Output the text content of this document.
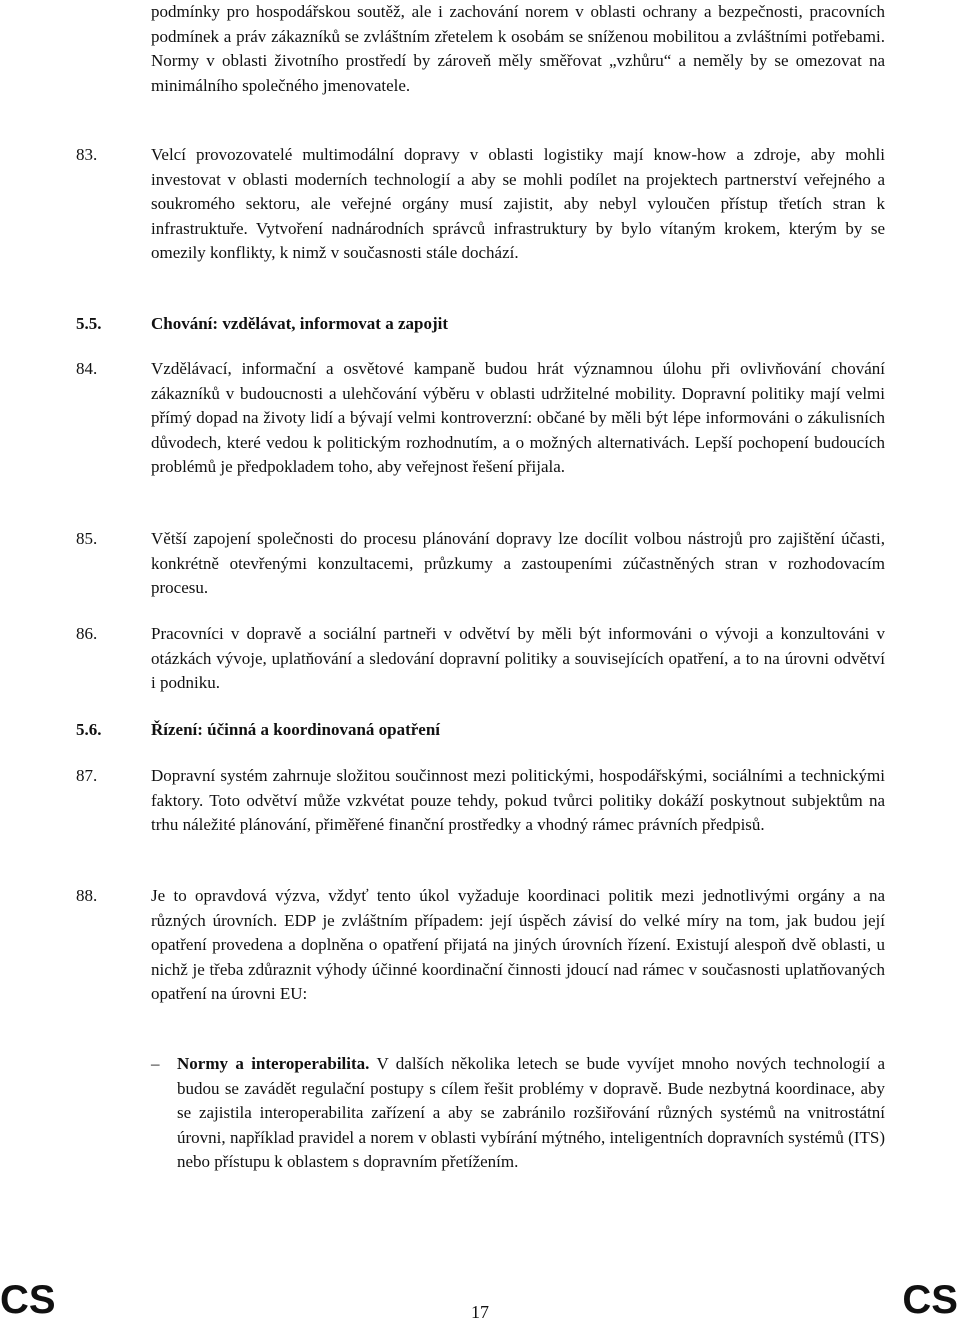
podmínky pro hospodářskou soutěž, ale i zachování norem v oblasti ochrany a bezpečnosti, pracovních podmínek a práv zákazníků se zvláštním zřetelem k osobám se sníženou mobilitou a zvláštními potřebami. Normy v oblasti životního prostředí by zároveň měly směřovat „vzhůru“ a neměly by se omezovat na minimálního společného jmenovatele.

83.	Velcí provozovatelé multimodální dopravy v oblasti logistiky mají know-how a zdroje, aby mohli investovat v oblasti moderních technologií a aby se mohli podílet na projektech partnerství veřejného a soukromého sektoru, ale veřejné orgány musí zajistit, aby nebyl vyloučen přístup třetích stran k infrastruktuře. Vytvoření nadnárodních správců infrastruktury by bylo vítaným krokem, kterým by se omezily konflikty, k nimž v současnosti stále dochází.

5.5.	Chování: vzdělávat, informovat a zapojit

84.	Vzdělávací, informační a osvětové kampaně budou hrát významnou úlohu při ovlivňování chování zákazníků v budoucnosti a ulehčování výběru v oblasti udržitelné mobility. Dopravní politiky mají velmi přímý dopad na životy lidí a bývají velmi kontroverzní: občané by měli být lépe informováni o zákulisních důvodech, které vedou k politickým rozhodnutím, a o možných alternativách. Lepší pochopení budoucích problémů je předpokladem toho, aby veřejnost řešení přijala.

85.	Větší zapojení společnosti do procesu plánování dopravy lze docílit volbou nástrojů pro zajištění účasti, konkrétně otevřenými konzultacemi, průzkumy a zastoupeními zúčastněných stran v rozhodovacím procesu.

86.	Pracovníci v dopravě a sociální partneři v odvětví by měli být informováni o vývoji a konzultováni v otázkách vývoje, uplatňování a sledování dopravní politiky a souvisejících opatření, a to na úrovni odvětví i podniku.

5.6.	Řízení: účinná a koordinovaná opatření

87.	Dopravní systém zahrnuje složitou součinnost mezi politickými, hospodářskými, sociálními a technickými faktory. Toto odvětví může vzkvétat pouze tehdy, pokud tvůrci politiky dokáží poskytnout subjektům na trhu náležité plánování, přiměřené finanční prostředky a vhodný rámec právních předpisů.

88.	Je to opravdová výzva, vždyť tento úkol vyžaduje koordinaci politik mezi jednotlivými orgány a na různých úrovních. EDP je zvláštním případem: její úspěch závisí do velké míry na tom, jak budou její opatření provedena a doplněna o opatření přijatá na jiných úrovních řízení. Existují alespoň dvě oblasti, u nichž je třeba zdůraznit výhody účinné koordinační činnosti jdoucí nad rámec v současnosti uplatňovaných opatření na úrovni EU:

–	Normy a interoperabilita. V dalších několika letech se bude vyvíjet mnoho nových technologií a budou se zavádět regulační postupy s cílem řešit problémy v dopravě. Bude nezbytná koordinace, aby se zajistila interoperabilita zařízení a aby se zabránilo rozšiřování různých systémů na vnitrostátní úrovni, například pravidel a norem v oblasti vybírání mýtného, inteligentních dopravních systémů (ITS) nebo přístupu k oblastem s dopravním přetížením.

CS	CS
17
